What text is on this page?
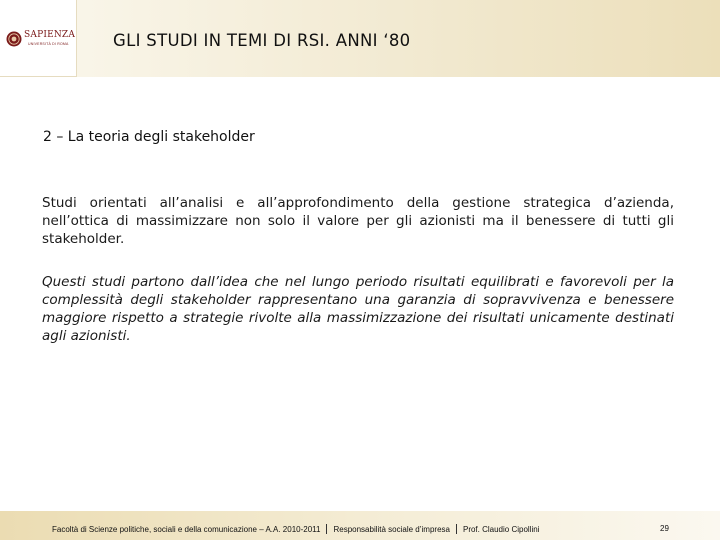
SAPIENZA
UNIVERSITÀ DI ROMA	GLI STUDI IN TEMI DI RSI. ANNI ‘80
2 – La teoria degli stakeholder
Studi orientati all’analisi e all’approfondimento della gestione strategica d’azienda, nell’ottica di massimizzare non solo il valore per gli azionisti ma il benessere di tutti gli stakeholder.
Questi studi partono dall’idea che nel lungo periodo risultati equilibrati e favorevoli per la complessità degli stakeholder rappresentano una garanzia di sopravvivenza e benessere maggiore rispetto a strategie rivolte alla massimizzazione dei risultati unicamente destinati agli azionisti.
Facoltà di Scienze politiche, sociali e della comunicazione – A.A. 2010-2011 Responsabilità sociale d’impresa Prof. Claudio Cipollini	29
